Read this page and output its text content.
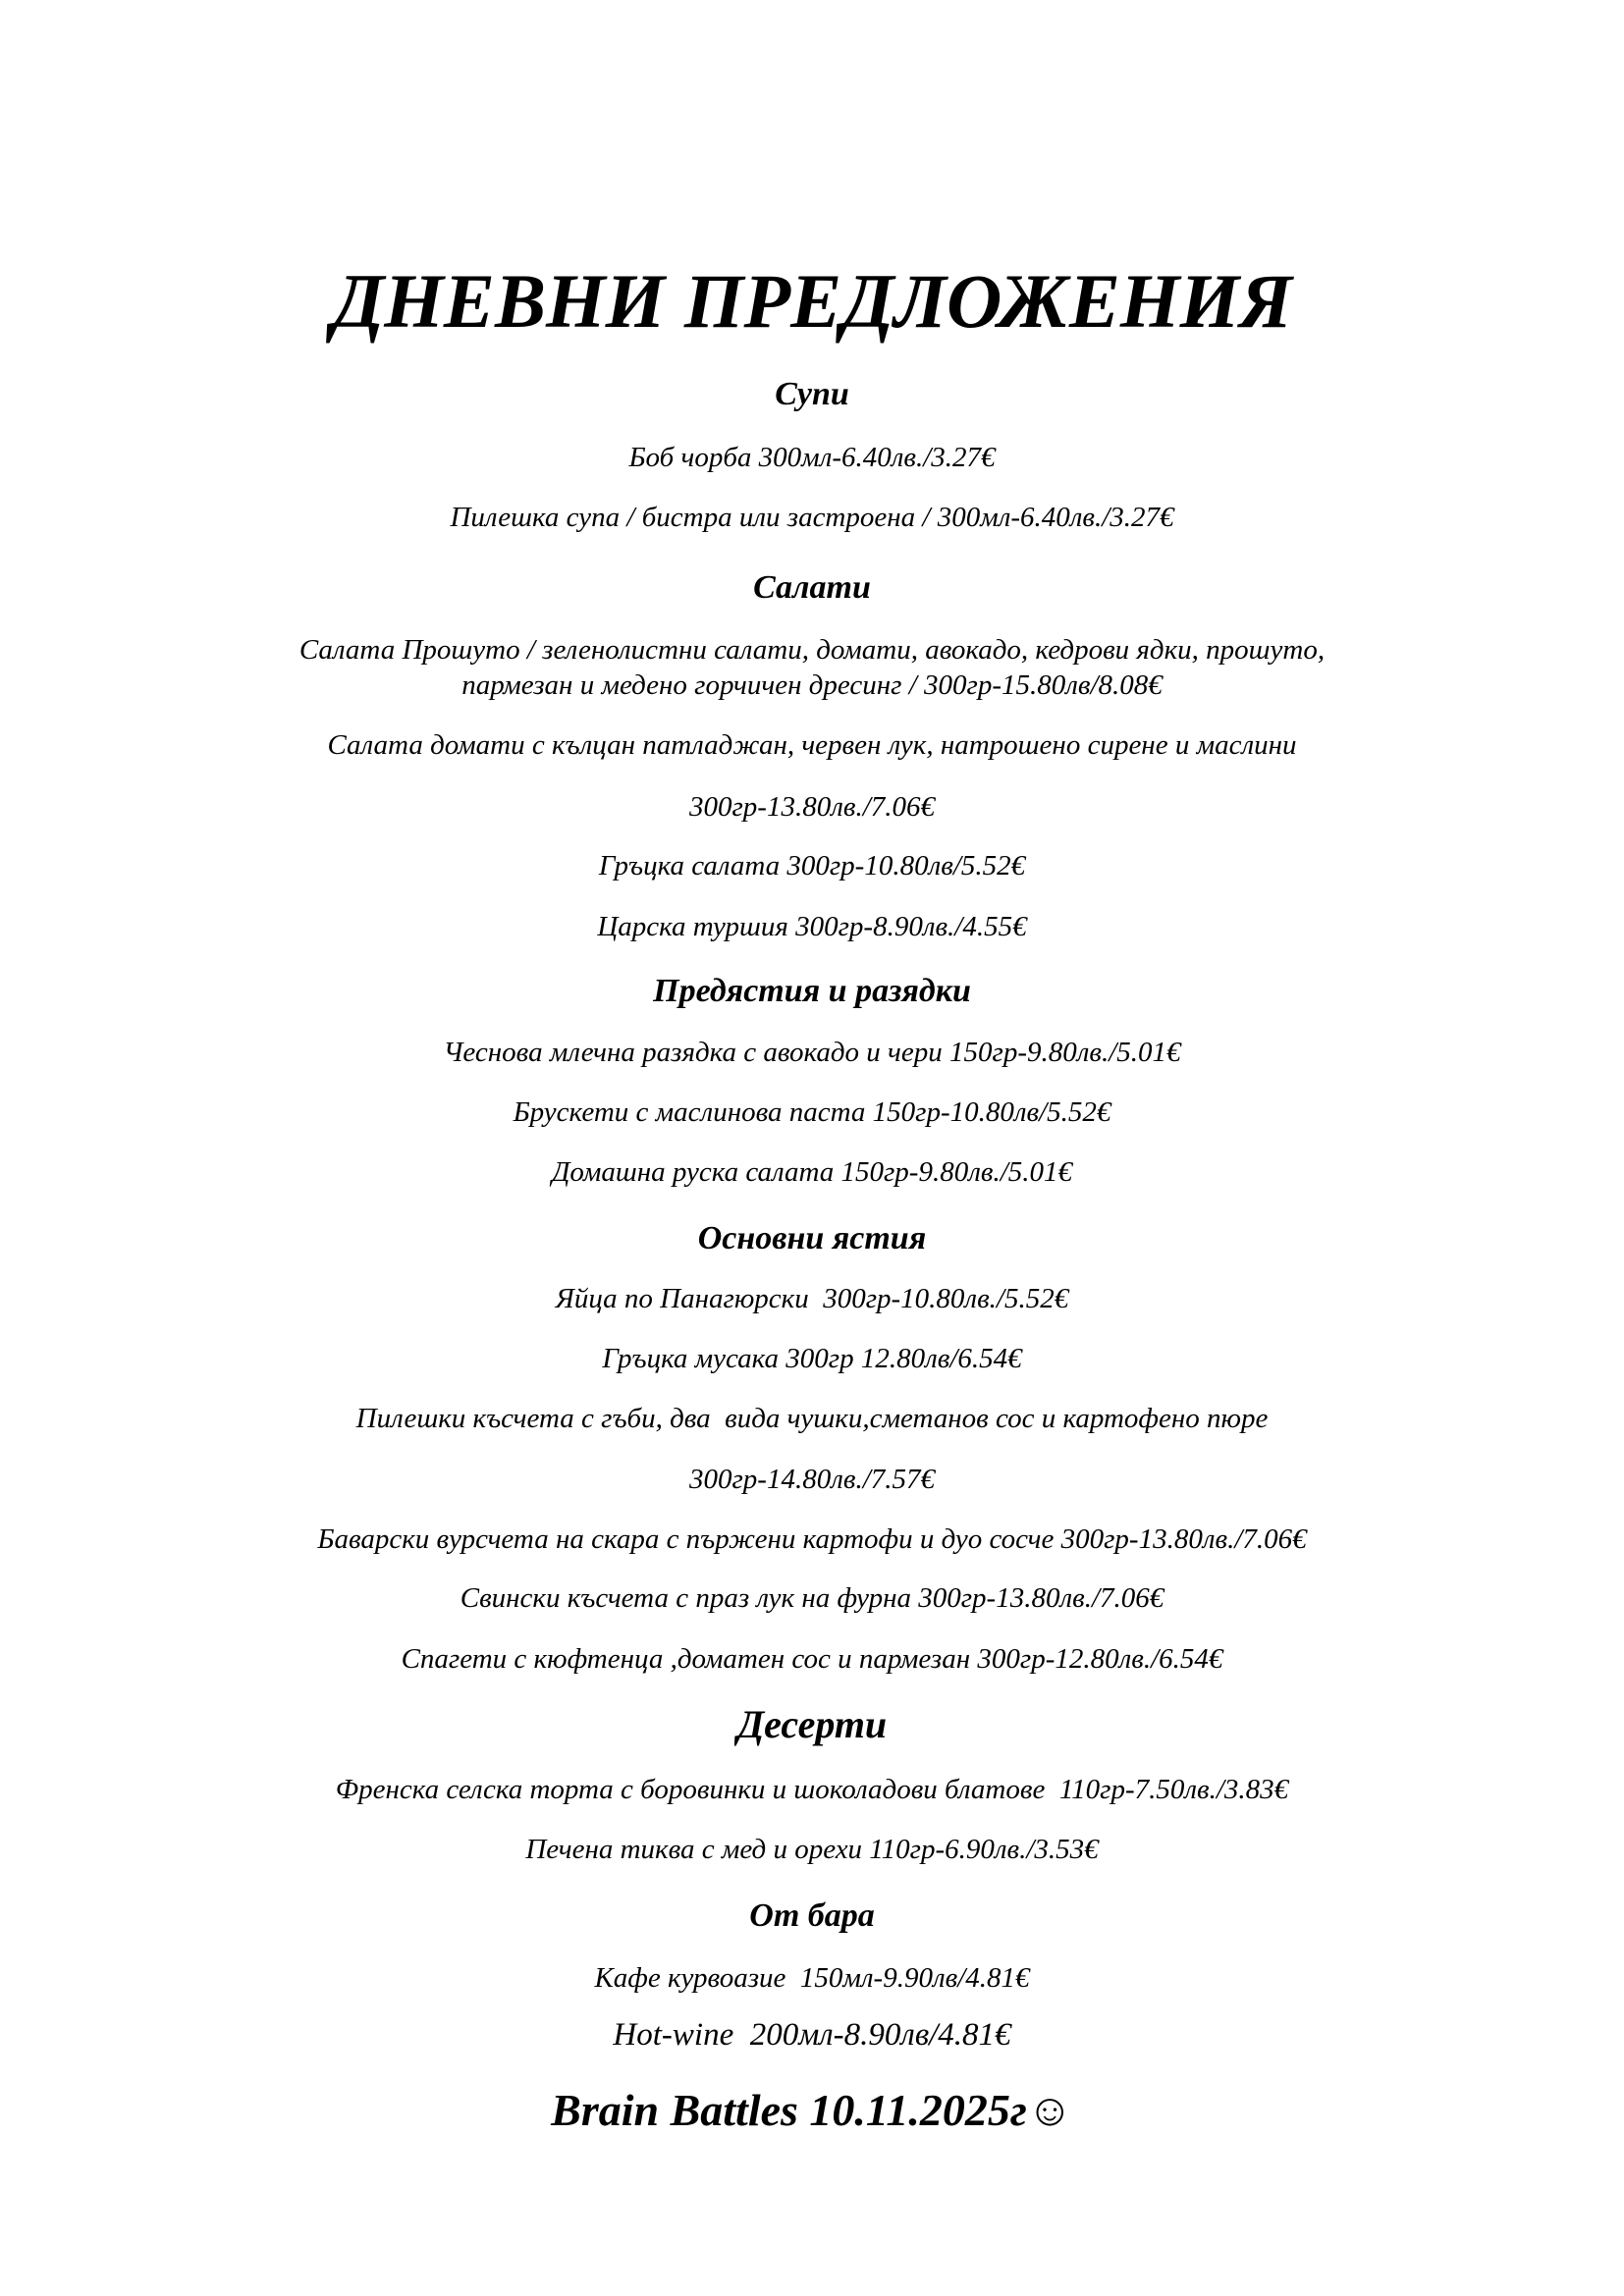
ДНЕВНИ ПРЕДЛОЖЕНИЯ
Супи
Боб чорба 300мл-6.40лв./3.27€
Пилешка супа / бистра или застроена / 300мл-6.40лв./3.27€
Салати
Салата Прошуто / зеленолистни салати, домати, авокадо, кедрови ядки, прошуто,
пармезан и медено горчичен дресинг / 300гр-15.80лв/8.08€
Салата домати с кълцан патладжан, червен лук, натрошено сирене и маслини
300гр-13.80лв./7.06€
Гръцка салата 300гр-10.80лв/5.52€
Царска туршия 300гр-8.90лв./4.55€
Предястия и разядки
Чеснова млечна разядка с авокадо и чери 150гр-9.80лв./5.01€
Брускети с маслинова паста 150гр-10.80лв/5.52€
Домашна руска салата 150гр-9.80лв./5.01€
Основни ястия
Яйца по Панагюрски  300гр-10.80лв./5.52€
Гръцка мусака 300гр 12.80лв/6.54€
Пилешки късчета с гъби, два  вида чушки,сметанов сос и картофено пюре
300гр-14.80лв./7.57€
Баварски вурсчета на скара с пържени картофи и дуо сосче 300гр-13.80лв./7.06€
Свински късчета с праз лук на фурна 300гр-13.80лв./7.06€
Спагети с кюфтенца ,доматен сос и пармезан 300гр-12.80лв./6.54€
Десерти
Френска селска торта с боровинки и шоколадови блатове  110гр-7.50лв./3.83€
Печена тиква с мед и орехи 110гр-6.90лв./3.53€
От бара
Кафе курвоазие  150мл-9.90лв/4.81€
Hot-wine  200мл-8.90лв/4.81€
Brain Battles 10.11.2025г☺
